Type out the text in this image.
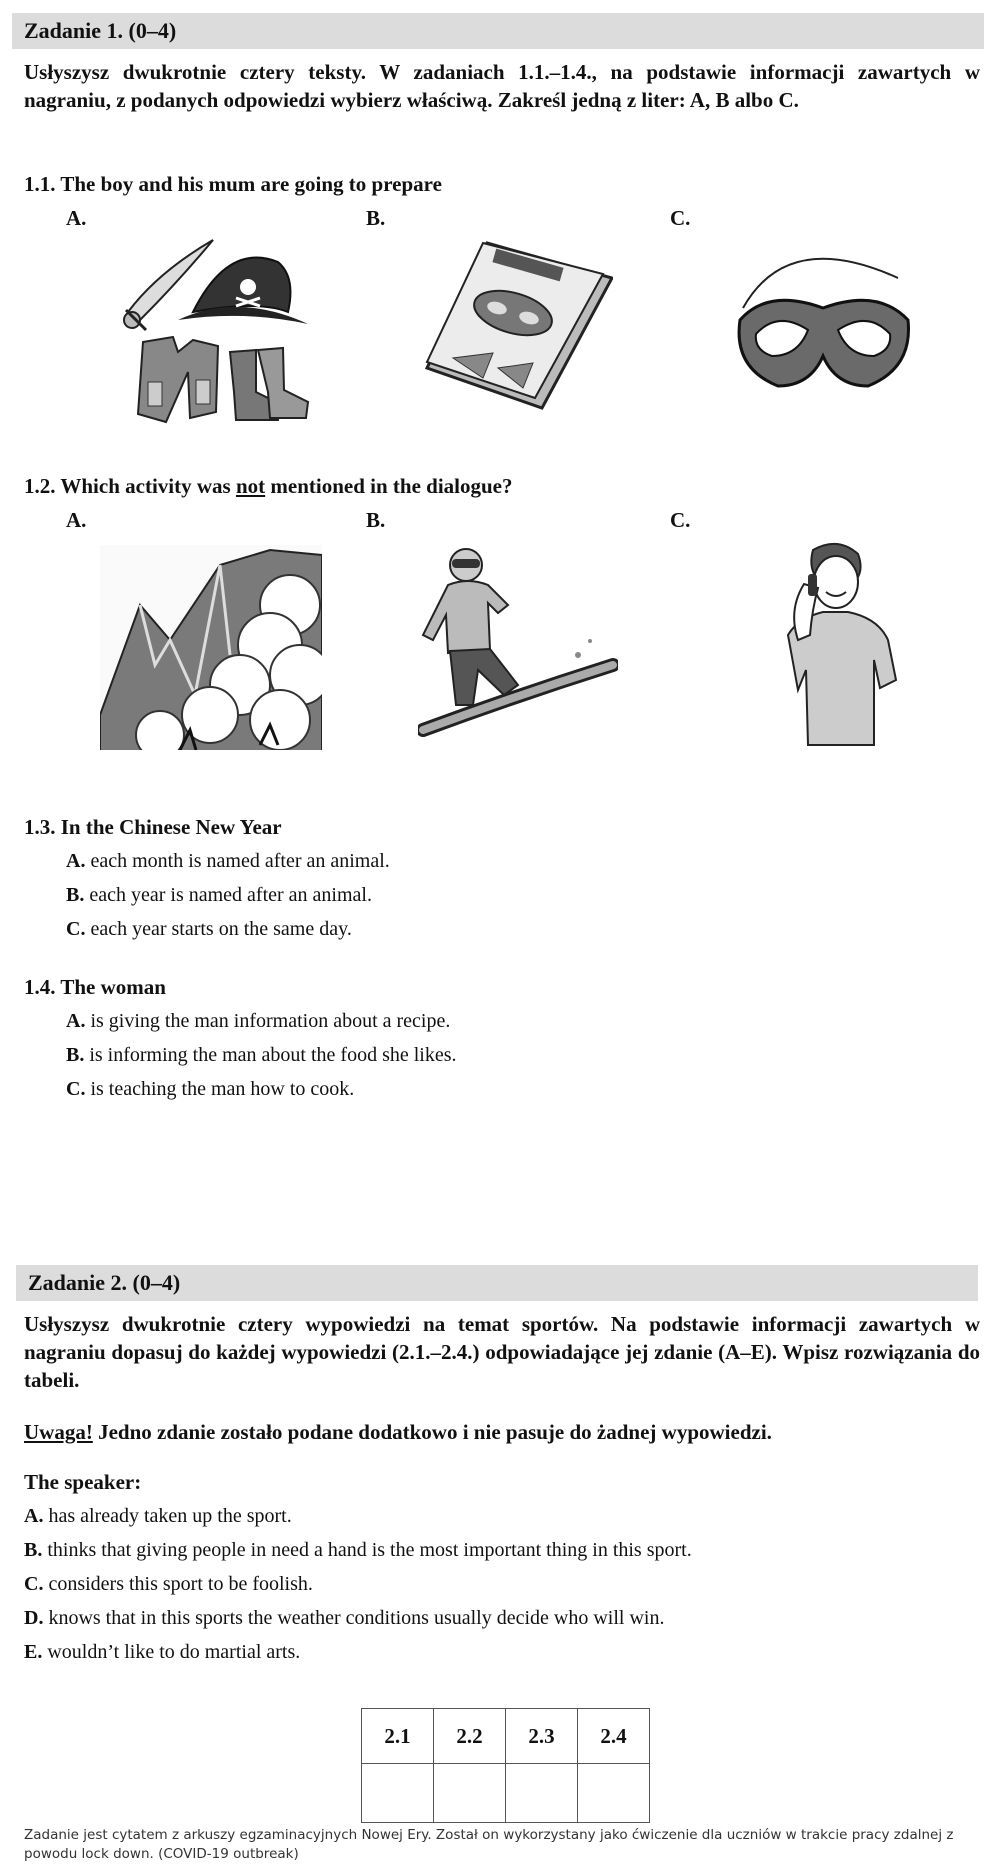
Zadanie 1. (0–4)
Usłyszysz dwukrotnie cztery teksty. W zadaniach 1.1.–1.4., na podstawie informacji zawartych w nagraniu, z podanych odpowiedzi wybierz właściwą. Zakreśl jedną z liter: A, B albo C.
1.1. The boy and his mum are going to prepare
A.	B.	C.
1.2. Which activity was not mentioned in the dialogue?
A.	B.	C.
1.3. In the Chinese New Year
A. each month is named after an animal.
B. each year is named after an animal.
C. each year starts on the same day.
1.4. The woman
A. is giving the man information about a recipe.
B. is informing the man about the food she likes.
C. is teaching the man how to cook.
Zadanie 2. (0–4)
Usłyszysz dwukrotnie cztery wypowiedzi na temat sportów. Na podstawie informacji zawartych w nagraniu dopasuj do każdej wypowiedzi (2.1.–2.4.) odpowiadające jej zdanie (A–E). Wpisz rozwiązania do tabeli.
Uwaga! Jedno zdanie zostało podane dodatkowo i nie pasuje do żadnej wypowiedzi.
The speaker:
A. has already taken up the sport.
B. thinks that giving people in need a hand is the most important thing in this sport.
C. considers this sport to be foolish.
D. knows that in this sports the weather conditions usually decide who will win.
E. wouldn’t like to do martial arts.
2.1	2.2	2.3	2.4

Zadanie jest cytatem z arkuszy egzaminacyjnych Nowej Ery. Został on wykorzystany jako ćwiczenie dla uczniów w trakcie pracy zdalnej z powodu lock down. (COVID-19 outbreak)
